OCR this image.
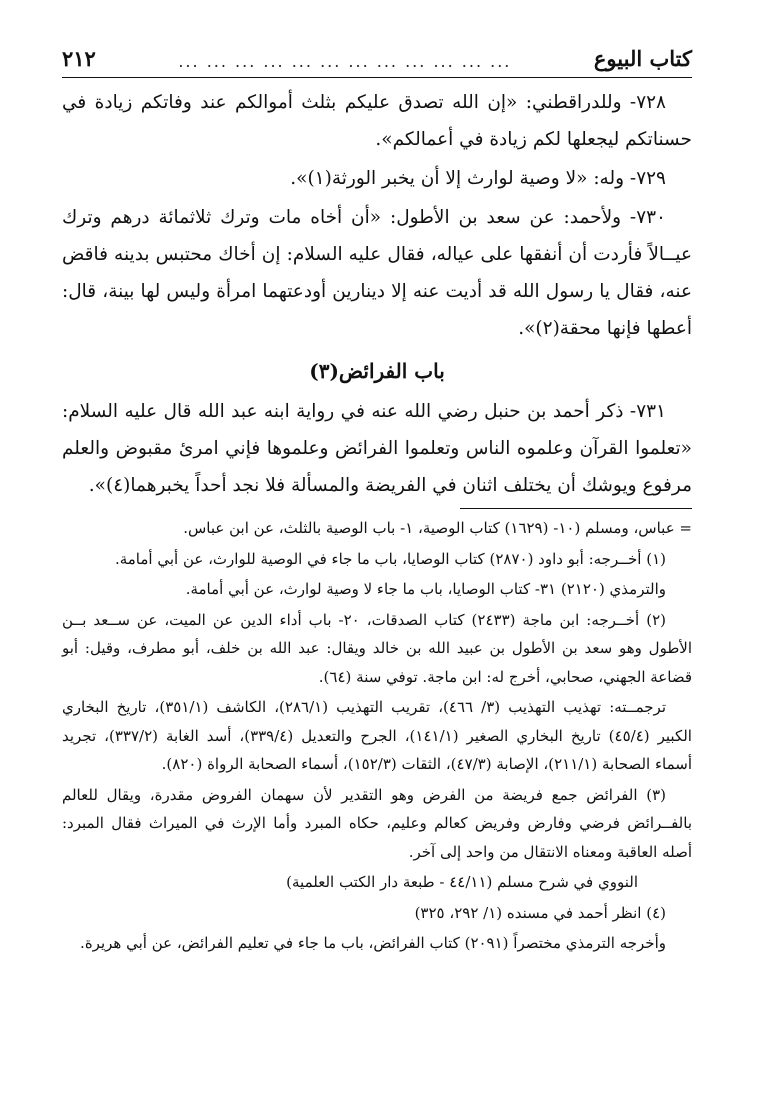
كتاب البيوع
... ... ... ... ... ... ... ... ... ... ... ...
٢١٢

٧٢٨- وللدراقطني: «إن الله تصدق عليكم بثلث أموالكم عند وفاتكم زيادة في حسناتكم ليجعلها لكم زيادة في أعمالكم».

٧٢٩- وله: «لا وصية لوارث إلا أن يخبر الورثة(١)».

٧٣٠- ولأحمد: عن سعد بن الأطول: «أن أخاه مات وترك ثلاثمائة درهم وترك عيــالاً فأردت أن أنفقها على عياله، فقال عليه السلام: إن أخاك محتبس بدينه فاقض عنه، فقال يا رسول الله قد أديت عنه إلا دينارين أودعتهما امرأة وليس لها بينة، قال: أعطها فإنها محقة(٢)».

باب الفرائض(٣)

٧٣١- ذكر أحمد بن حنبل رضي الله عنه في رواية ابنه عبد الله قال عليه السلام: «تعلموا القرآن وعلموه الناس وتعلموا الفرائض وعلموها فإني امرئ مقبوض والعلم مرفوع ويوشك أن يختلف اثنان في الفريضة والمسألة فلا نجد أحداً يخبرهما(٤)».

= عباس، ومسلم (١٠- (١٦٢٩) كتاب الوصية، ١- باب الوصية بالثلث، عن ابن عباس.

(١) أخــرجه: أبو داود (٢٨٧٠) كتاب الوصايا، باب ما جاء في الوصية للوارث، عن أبي أمامة.

والترمذي (٢١٢٠) ٣١- كتاب الوصايا، باب ما جاء لا وصية لوارث، عن أبي أمامة.

(٢) أخــرجه: ابن ماجة (٢٤٣٣) كتاب الصدقات، ٢٠- باب أداء الدين عن الميت، عن ســعد بــن الأطول وهو سعد بن الأطول بن عبيد الله بن خالد ويقال: عبد الله بن خلف، أبو مطرف، وقيل: أبو قضاعة الجهني، صحابي، أخرج له: ابن ماجة. توفي سنة (٦٤).

ترجمــته: تهذيب التهذيب (٣/ ٤٦٦)، تقريب التهذيب (٢٨٦/١)، الكاشف (٣٥١/١)، تاريخ البخاري الكبير (٤٥/٤) تاريخ البخاري الصغير (١٤١/١)، الجرح والتعديل (٣٣٩/٤)، أسد الغابة (٣٣٧/٢)، تجريد أسماء الصحابة (٢١١/١)، الإصابة (٤٧/٣)، الثقات (١٥٢/٣)، أسماء الصحابة الرواة (٨٢٠).

(٣) الفرائض جمع فريضة من الفرض وهو التقدير لأن سهمان الفروض مقدرة، ويقال للعالم بالفــرائض فرضي وفارض وفريض كعالم وعليم، حكاه المبرد وأما الإرث في الميراث فقال المبرد: أصله العاقبة ومعناه الانتقال من واحد إلى آخر.

النووي في شرح مسلم (٤٤/١١ - طبعة دار الكتب العلمية)

(٤) انظر أحمد في مسنده (١/ ٢٩٢، ٣٢٥)

وأخرجه الترمذي مختصراً (٢٠٩١) كتاب الفرائض، باب ما جاء في تعليم الفرائض، عن أبي هريرة.
